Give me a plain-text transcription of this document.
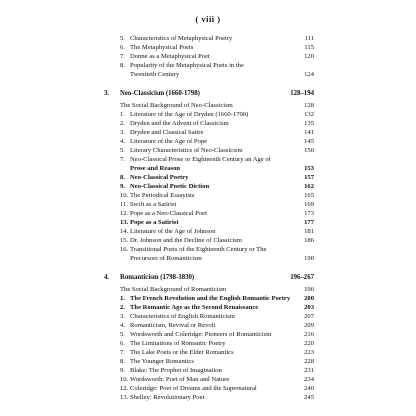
( viii )
5. Characteristics of Metaphysical Poetry	111
6. The Metaphysical Poets	115
7. Donne as a Metaphysical Poet	120
8. Popularity of the Metaphysical Poets in the
Twentieth Century	124
3. Neo-Classicism (1660-1798)	128–194
The Social Background of Neo-Classicism	128
1. Literature of the Age of Dryden (1660-1700)	132
2. Dryden and the Advent of Classicism	135
3. Dryden and Classical Satire	141
4. Literature of the Age of Pope	145
5. Literary Characteristics of Neo-Classicism	150
7. Neo-Classical Prose or Eighteenth Century an Age of
Prose and Reason	153
8. Neo-Classical Poetry	157
9. Neo-Classical Poetic Diction	162
10. The Periodical Essayists	165
11. Swift as a Satirist	169
12. Pope as a Neo-Classical Poet	173
13. Pope as a Satirist	177
14. Literature of the Age of Johnson	181
15. Dr. Johnson and the Decline of Classicism	186
16. Transitional Poets of the Eighteenth Century or The
Precursors of Romanticism	190
4. Romanticism (1798-1830)	196–267
The Social Background of Romanticism	196
1. The French Revolution and the English Romantic Poetry 200
2. The Romantic Age as the Second Renaissance	203
3. Characteristics of English Romanticism	207
4. Romanticism, Revival or Revolt	209
5. Wordsworth and Coleridge: Pioneers of Romanticism	216
6. The Limitations of Romantic Poetry	220
7. The Lake Poets or the Elder Romantics	223
8. The Younger Romantics	228
9. Blake: The Prophet of Imagination	231
10. Wordsworth: Poet of Man and Nature	234
12. Coleridge: Poet of Dreams and the Supernatural	240
13. Shelley: Revolutionary Poet	245
